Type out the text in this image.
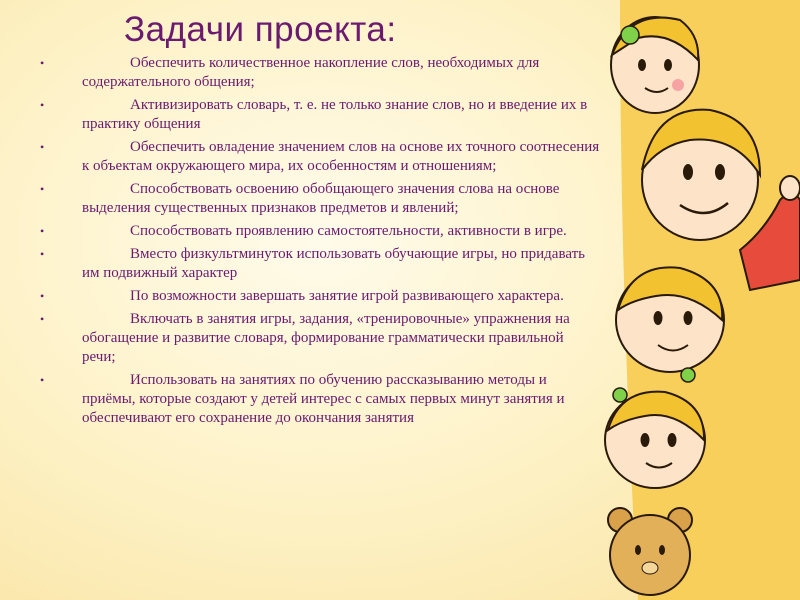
Задачи проекта:
•	Обеспечить количественное накопление слов, необходимых для содержательного общения;
•	Активизировать словарь, т. е. не только знание слов, но и введение их в практику общения
•	Обеспечить овладение значением слов на основе их точного соотнесения к объектам окружающего мира, их особенностям и отношениям;
•	Способствовать освоению обобщающего значения слова на основе выделения существенных признаков предметов и явлений;
•	Способствовать проявлению самостоятельности, активности в игре.
•	Вместо физкультминуток использовать обучающие игры, но придавать им подвижный характер
•	По возможности завершать занятие игрой развивающего характера.
•	Включать в занятия игры, задания, «тренировочные» упражнения на обогащение и развитие словаря, формирование грамматически правильной речи;
•	Использовать на занятиях по обучению рассказыванию методы и приёмы, которые создают у детей интерес с самых первых минут занятия и обеспечивают его сохранение до окончания занятия
